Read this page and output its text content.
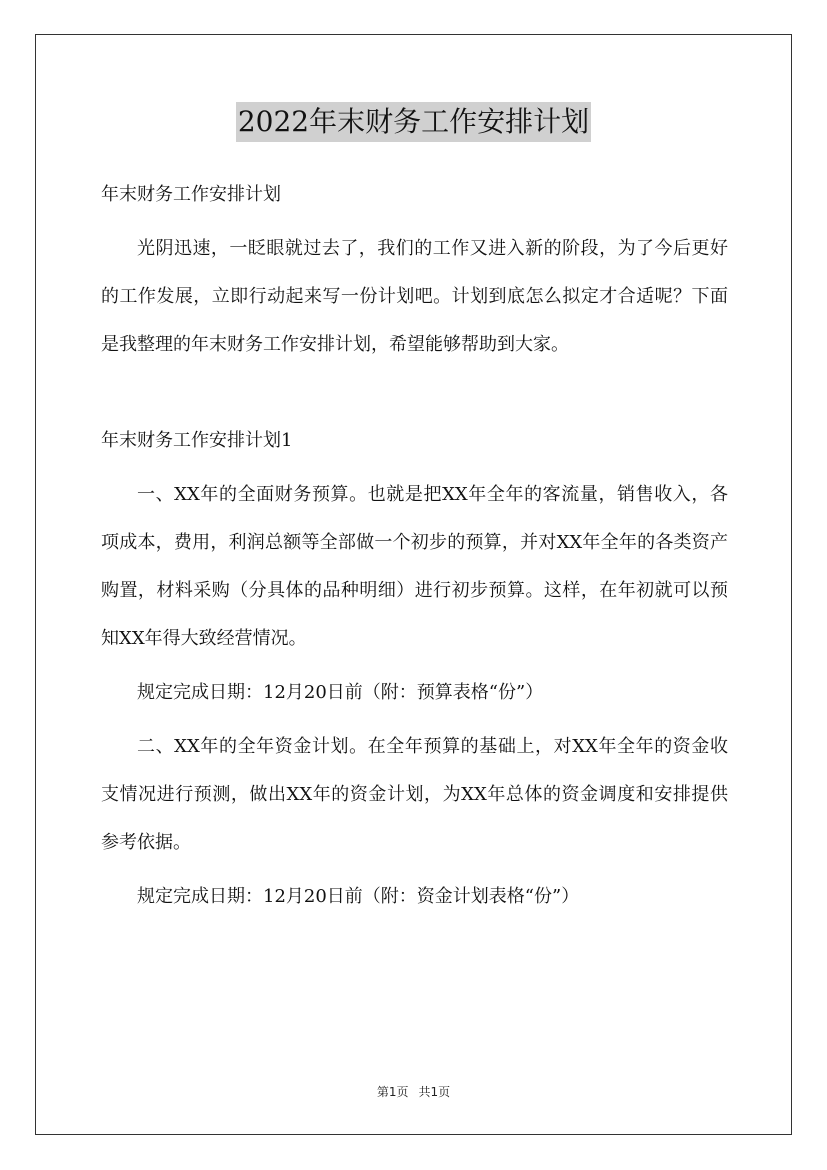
2022年末财务工作安排计划

年末财务工作安排计划

光阴迅速，一眨眼就过去了，我们的工作又进入新的阶段，为了今后更好的工作发展，立即行动起来写一份计划吧。计划到底怎么拟定才合适呢？下面是我整理的年末财务工作安排计划，希望能够帮助到大家。

年末财务工作安排计划1

一、XX年的全面财务预算。也就是把XX年全年的客流量，销售收入，各项成本，费用，利润总额等全部做一个初步的预算，并对XX年全年的各类资产购置，材料采购（分具体的品种明细）进行初步预算。这样，在年初就可以预知XX年得大致经营情况。

规定完成日期：12月20日前（附：预算表格“份”）

二、XX年的全年资金计划。在全年预算的基础上，对XX年全年的资金收支情况进行预测，做出XX年的资金计划，为XX年总体的资金调度和安排提供参考依据。

规定完成日期：12月20日前（附：资金计划表格“份”）

第1页 共1页
